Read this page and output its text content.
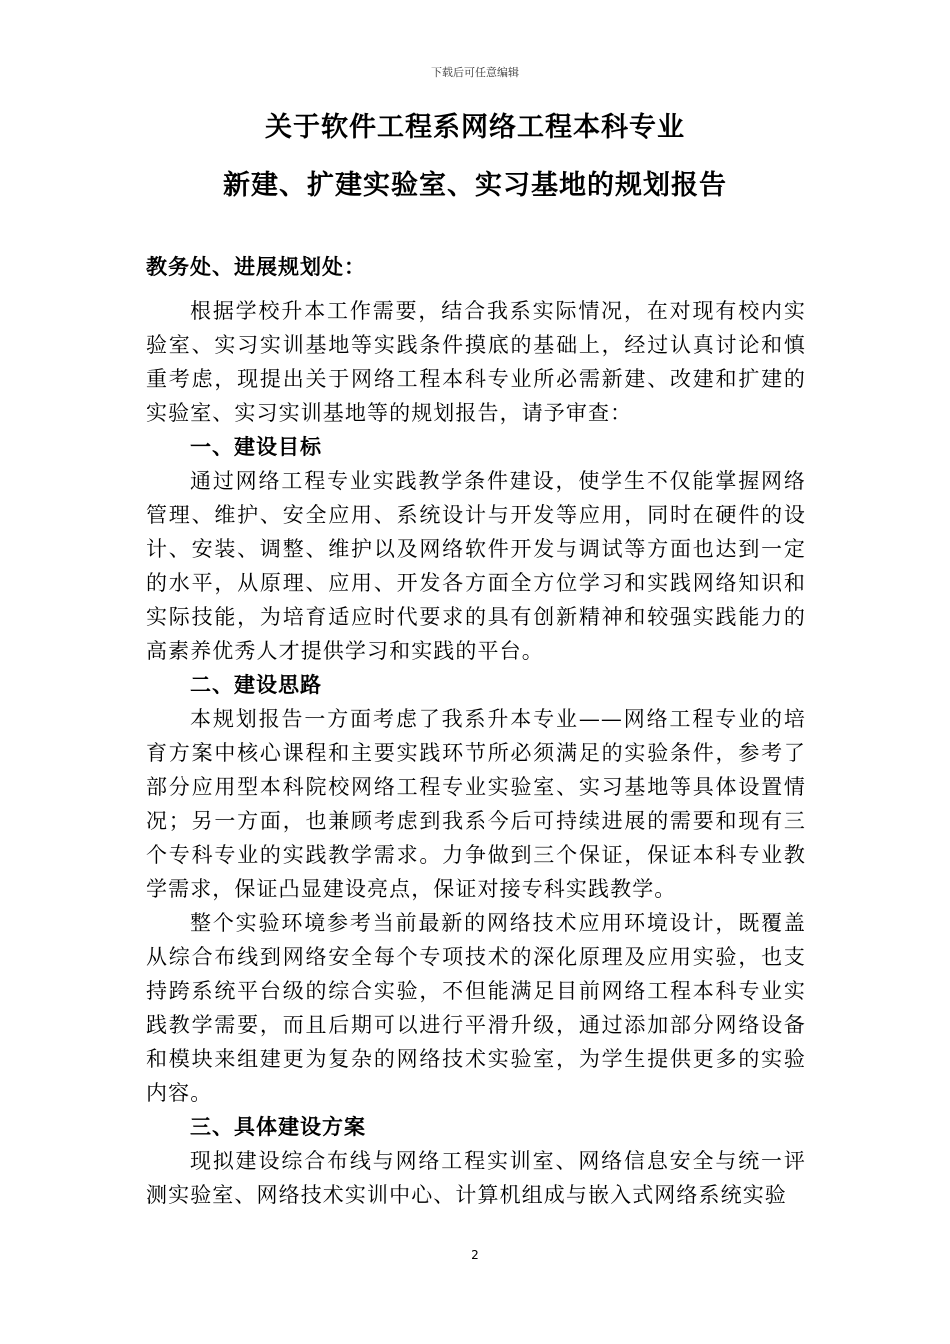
下载后可任意编辑
关于软件工程系网络工程本科专业
新建、扩建实验室、实习基地的规划报告
教务处、进展规划处：

根据学校升本工作需要，结合我系实际情况，在对现有校内实验室、实习实训基地等实践条件摸底的基础上，经过认真讨论和慎重考虑，现提出关于网络工程本科专业所必需新建、改建和扩建的实验室、实习实训基地等的规划报告，请予审查：

一、建设目标

通过网络工程专业实践教学条件建设，使学生不仅能掌握网络管理、维护、安全应用、系统设计与开发等应用，同时在硬件的设计、安装、调整、维护以及网络软件开发与调试等方面也达到一定的水平，从原理、应用、开发各方面全方位学习和实践网络知识和实际技能，为培育适应时代要求的具有创新精神和较强实践能力的高素养优秀人才提供学习和实践的平台。

二、建设思路

本规划报告一方面考虑了我系升本专业——网络工程专业的培育方案中核心课程和主要实践环节所必须满足的实验条件，参考了部分应用型本科院校网络工程专业实验室、实习基地等具体设置情况；另一方面，也兼顾考虑到我系今后可持续进展的需要和现有三个专科专业的实践教学需求。力争做到三个保证，保证本科专业教学需求，保证凸显建设亮点，保证对接专科实践教学。

整个实验环境参考当前最新的网络技术应用环境设计，既覆盖从综合布线到网络安全每个专项技术的深化原理及应用实验，也支持跨系统平台级的综合实验，不但能满足目前网络工程本科专业实践教学需要，而且后期可以进行平滑升级，通过添加部分网络设备和模块来组建更为复杂的网络技术实验室，为学生提供更多的实验内容。

三、具体建设方案

现拟建设综合布线与网络工程实训室、网络信息安全与统一评测实验室、网络技术实训中心、计算机组成与嵌入式网络系统实验

2
